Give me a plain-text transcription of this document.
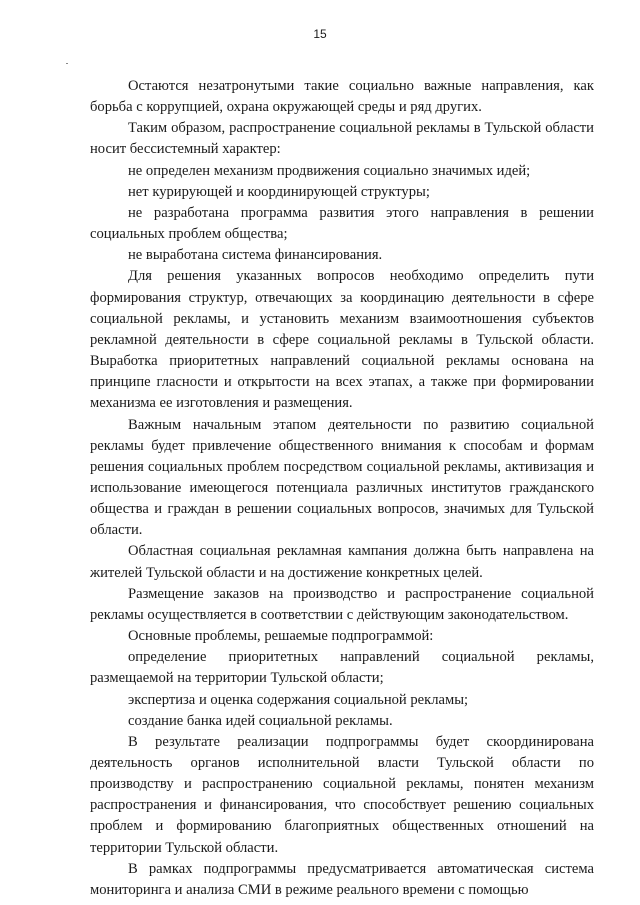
15

Остаются незатронутыми такие социально важные направления, как борьба с коррупцией, охрана окружающей среды и ряд других.

Таким образом, распространение социальной рекламы в Тульской области носит бессистемный характер:

не определен механизм продвижения социально значимых идей;

нет курирующей и координирующей структуры;

не разработана программа развития этого направления в решении социальных проблем общества;

не выработана система финансирования.

Для решения указанных вопросов необходимо определить пути формирования структур, отвечающих за координацию деятельности в сфере социальной рекламы, и установить механизм взаимоотношения субъектов рекламной деятельности в сфере социальной рекламы в Тульской области. Выработка приоритетных направлений социальной рекламы основана на принципе гласности и открытости на всех этапах, а также при формировании механизма ее изготовления и размещения.

Важным начальным этапом деятельности по развитию социальной рекламы будет привлечение общественного внимания к способам и формам решения социальных проблем посредством социальной рекламы, активизация и использование имеющегося потенциала различных институтов гражданского общества и граждан в решении социальных вопросов, значимых для Тульской области.

Областная социальная рекламная кампания должна быть направлена на жителей Тульской области и на достижение конкретных целей.

Размещение заказов на производство и распространение социальной рекламы осуществляется в соответствии с действующим законодательством.

Основные проблемы, решаемые подпрограммой:

определение приоритетных направлений социальной рекламы, размещаемой на территории Тульской области;

экспертиза и оценка содержания социальной рекламы;

создание банка идей социальной рекламы.

В результате реализации подпрограммы будет скоординирована деятельность органов исполнительной власти Тульской области по производству и распространению социальной рекламы, понятен механизм распространения и финансирования, что способствует решению социальных проблем и формированию благоприятных общественных отношений на территории Тульской области.

В рамках подпрограммы предусматривается автоматическая система мониторинга и анализа СМИ в режиме реального времени с помощью
